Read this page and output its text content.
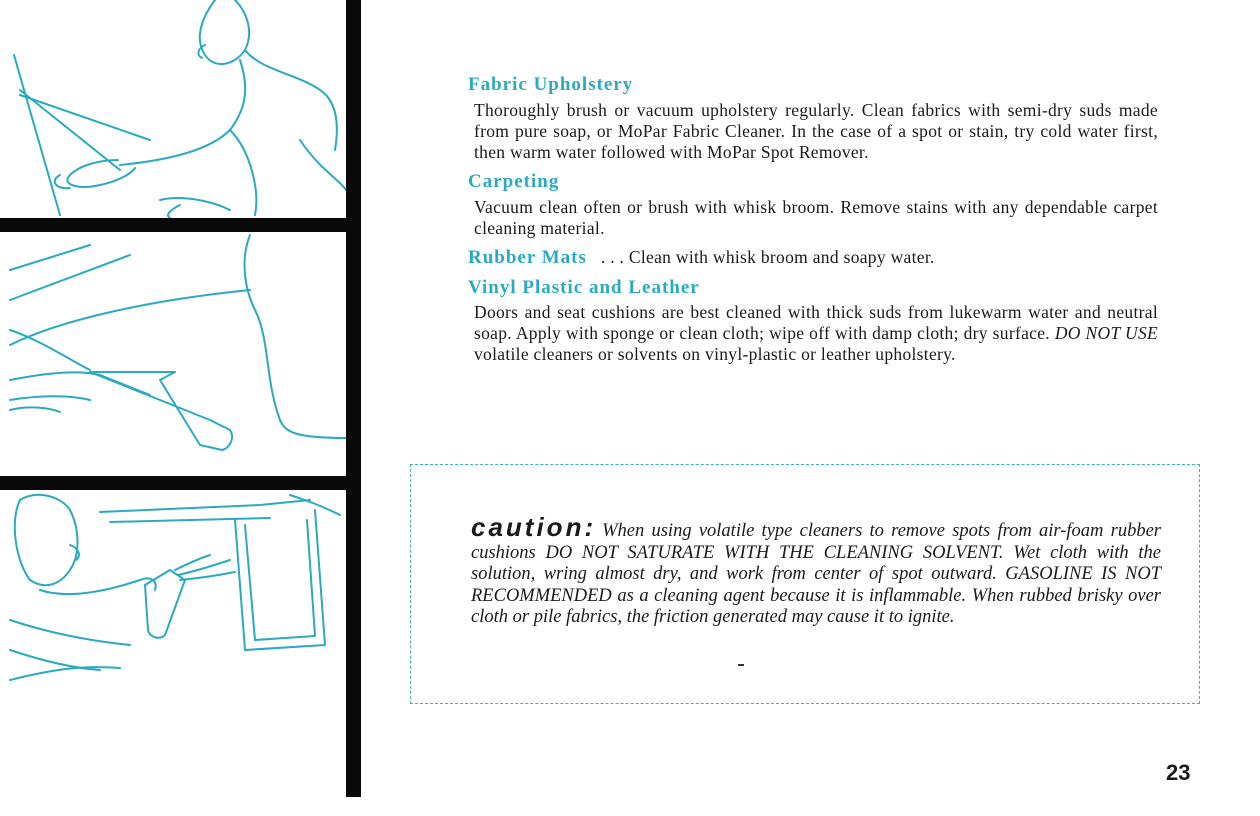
Fabric Upholstery

Thoroughly brush or vacuum upholstery regularly. Clean fabrics with semi-dry suds made from pure soap, or MoPar Fabric Cleaner. In the case of a spot or stain, try cold water first, then warm water followed with MoPar Spot Remover.

Carpeting

Vacuum clean often or brush with whisk broom. Remove stains with any dependable carpet cleaning material.

Rubber Mats . . . Clean with whisk broom and soapy water.

Vinyl Plastic and Leather

Doors and seat cushions are best cleaned with thick suds from lukewarm water and neutral soap. Apply with sponge or clean cloth; wipe off with damp cloth; dry surface. DO NOT USE volatile cleaners or solvents on vinyl-plastic or leather upholstery.

caution: When using volatile type cleaners to remove spots from air-foam rubber cushions DO NOT SATURATE WITH THE CLEANING SOLVENT. Wet cloth with the solution, wring almost dry, and work from center of spot outward. GASOLINE IS NOT RECOMMENDED as a cleaning agent because it is inflammable. When rubbed brisky over cloth or pile fabrics, the friction generated may cause it to ignite.
23
